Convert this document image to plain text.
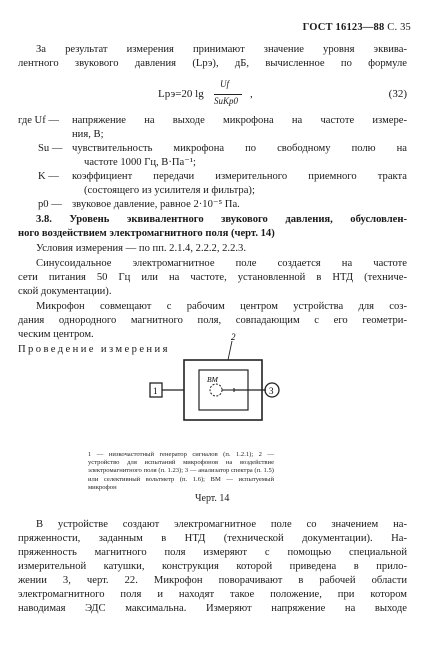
ГОСТ 16123—88 С. 35
За результат измерения принимают значение уровня эквива-
лентного звукового давления (Lрэ), дБ, вычисленное по формуле
Lрэ=20 lg
Uf
SuKp0
,	(32)
где Uf —	напряжение на выходе микрофона на частоте измере-
ния, В;
Su — чувствительность микрофона по свободному полю на
частоте 1000 Гц, В·Па⁻¹;
K —	коэффициент передачи измерительного приемного тракта
(состоящего из усилителя и фильтра);
p0 — звуковое давление, равное 2·10⁻⁵ Па.
3.8. Уровень эквивалентного звукового давления, обусловлен-
ного воздействием электромагнитного поля (черт. 14)
Условия измерения — по пп. 2.1.4, 2.2.2, 2.2.3.
Синусоидальное электромагнитное поле создается на частоте
сети питания 50 Гц или на частоте, установленной в НТД (техниче-
ской документации).
Микрофон совмещают с рабочим центром устройства для соз-
дания однородного магнитного поля, совпадающим с его геометри-
ческим центром.
Проведение измерения
2
BM
1	3
1 — низкочастотный генератор сигналов (п. 1.2.1); 2 — устройство для испытаний микрофонов на воздействие электромагнитного поля (п. 1.23); 3 — анализатор спектра (п. 1.5) или селективный вольтметр (п. 1.6); BM — испытуемый микрофон
Черт. 14
В устройстве создают электромагнитное поле со значением на-
пряженности, заданным в НТД (технической документации). На-
пряженность магнитного поля измеряют с помощью специальной
измерительной катушки, конструкция которой приведена в прило-
жении 3, черт. 22. Микрофон поворачивают в рабочей области
электромагнитного поля и находят такое положение, при котором
наводимая ЭДС максимальна. Измеряют напряжение на выходе
